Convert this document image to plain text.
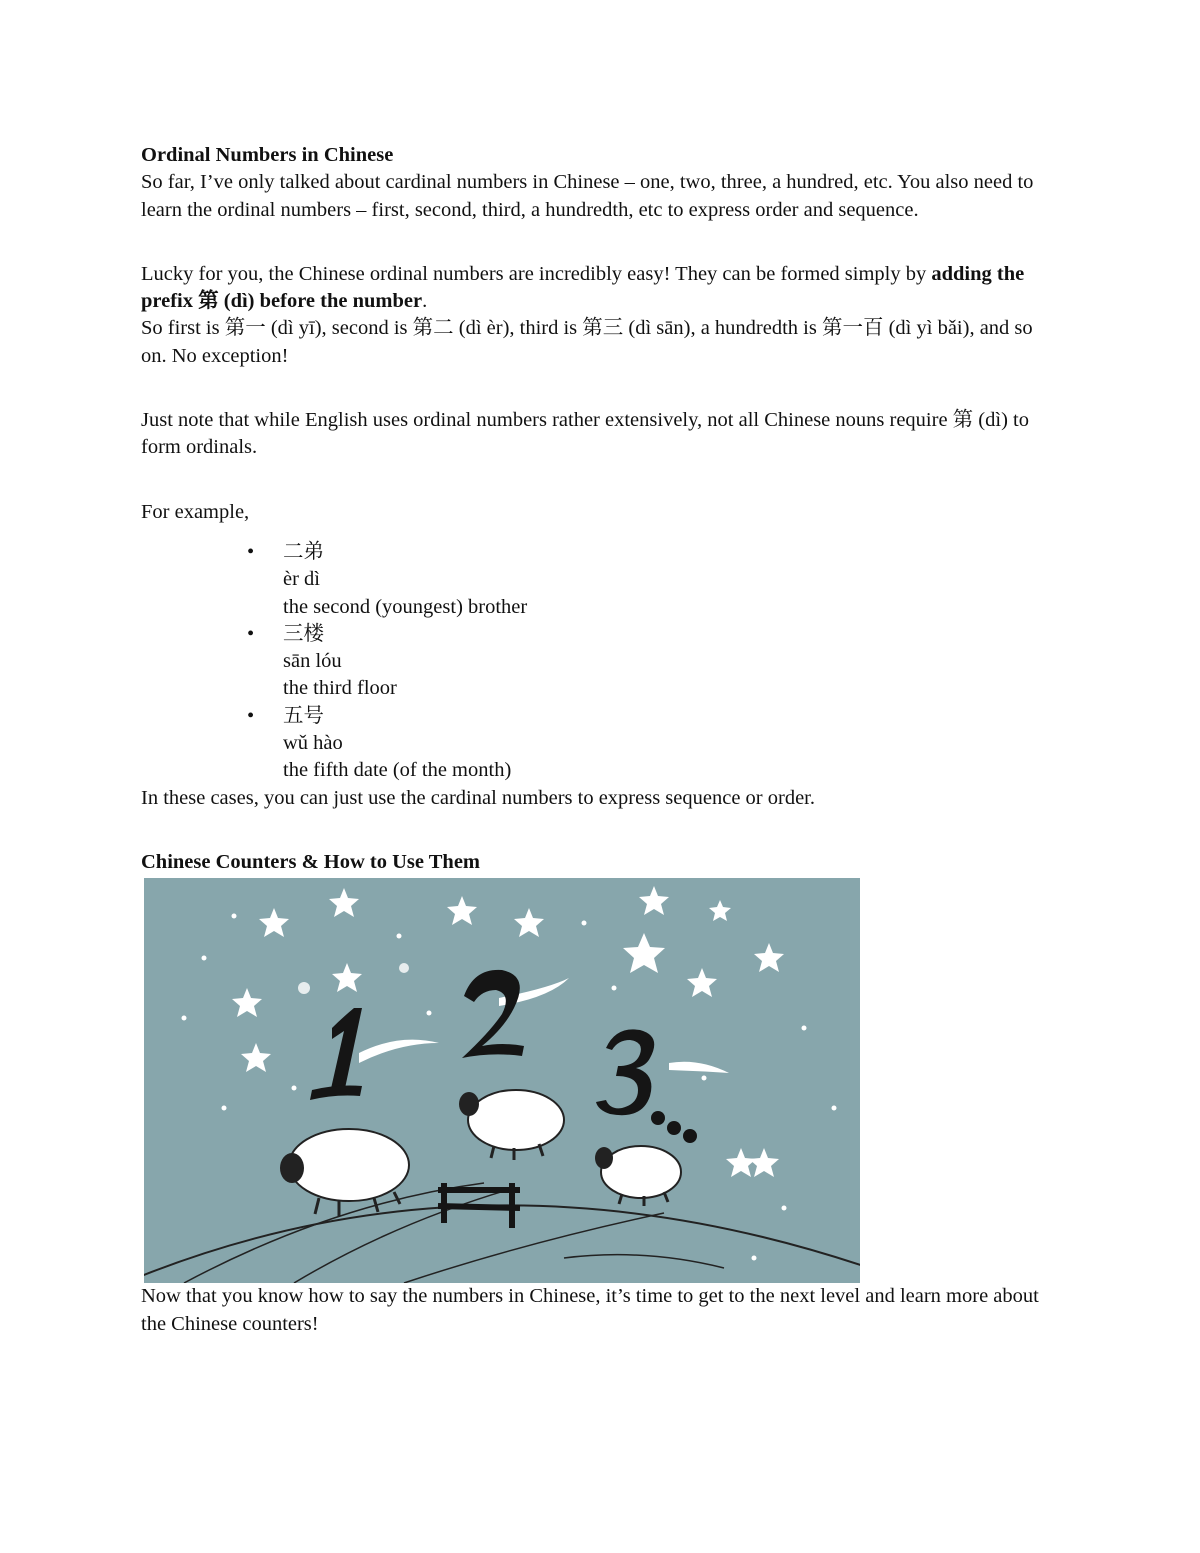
Ordinal Numbers in Chinese

So far, I’ve only talked about cardinal numbers in Chinese – one, two, three, a hundred, etc. You also need to learn the ordinal numbers – first, second, third, a hundredth, etc to express order and sequence.

Lucky for you, the Chinese ordinal numbers are incredibly easy! They can be formed simply by adding the prefix 第 (dì) before the number.

So first is 第一 (dì yī), second is 第二 (dì èr), third is 第三 (dì sān), a hundredth is 第一百 (dì yì bǎi), and so on. No exception!

Just note that while English uses ordinal numbers rather extensively, not all Chinese nouns require 第 (dì) to form ordinals.

For example,

• 二弟
èr dì
the second (youngest) brother
• 三楼
sān lóu
the third floor
• 五号
wǔ hào
the fifth date (of the month)

In these cases, you can just use the cardinal numbers to express sequence or order.

Chinese Counters & How to Use Them

Now that you know how to say the numbers in Chinese, it’s time to get to the next level and learn more about the Chinese counters!
